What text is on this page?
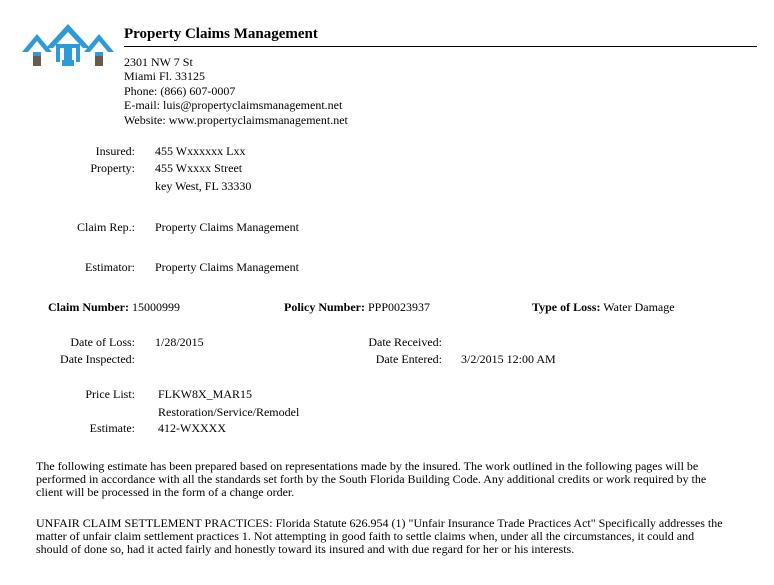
Property Claims Management
2301 NW 7 St
Miami Fl. 33125
Phone: (866) 607-0007
E-mail: luis@propertyclaimsmanagement.net
Website: www.propertyclaimsmanagement.net
Insured: 455 Wxxxxxx Lxx
Property: 455 Wxxxx Street
key West, FL 33330
Claim Rep.: Property Claims Management
Estimator: Property Claims Management
Claim Number: 15000999	Policy Number: PPP0023937	Type of Loss: Water Damage
Date of Loss: 1/28/2015
Date Inspected:
Date Received:
Date Entered: 3/2/2015 12:00 AM
Price List: FLKW8X_MAR15
Restoration/Service/Remodel
Estimate: 412-WXXXX
The following estimate has been prepared based on representations made by the insured. The work outlined in the following pages will be performed in accordance with all the standards set forth by the South Florida Building Code. Any additional credits or work required by the client will be processed in the form of a change order.
UNFAIR CLAIM SETTLEMENT PRACTICES: Florida Statute 626.954 (1) "Unfair Insurance Trade Practices Act" Specifically addresses the matter of unfair claim settlement practices 1. Not attempting in good faith to settle claims when, under all the circumstances, it could and should of done so, had it acted fairly and honestly toward its insured and with due regard for her or his interests.
